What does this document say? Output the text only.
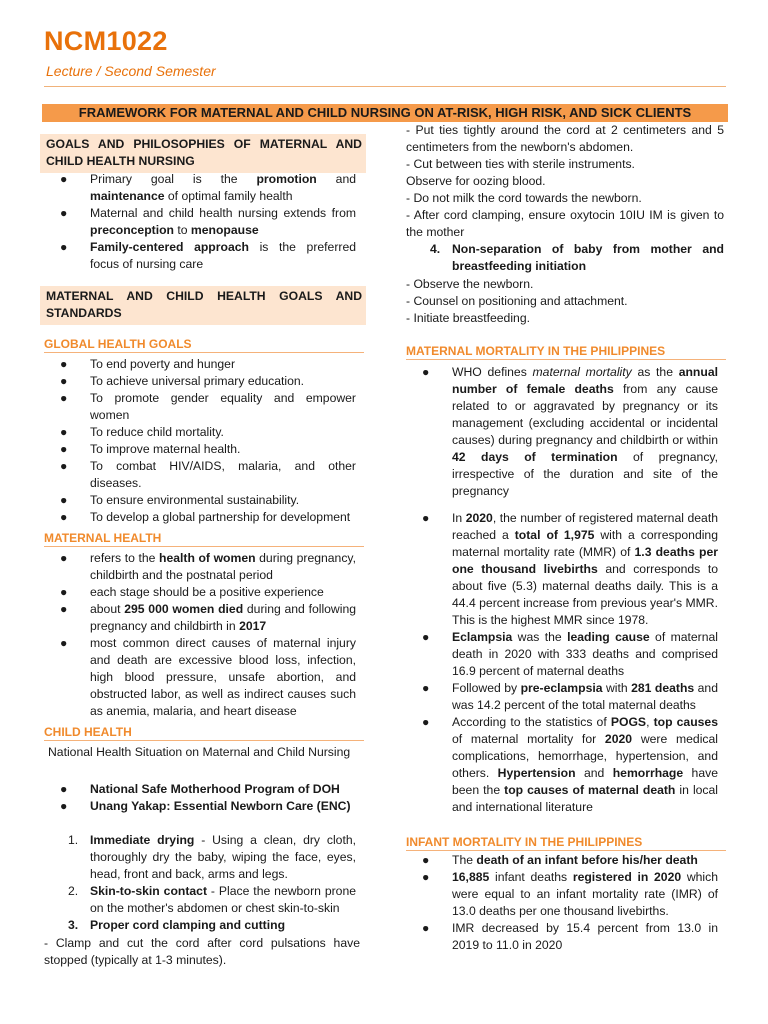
NCM1022
Lecture / Second Semester
FRAMEWORK FOR MATERNAL AND CHILD NURSING ON AT-RISK, HIGH RISK, AND SICK CLIENTS
GOALS AND PHILOSOPHIES OF MATERNAL AND CHILD HEALTH NURSING
● Primary goal is the promotion and maintenance of optimal family health
● Maternal and child health nursing extends from preconception to menopause
● Family-centered approach is the preferred focus of nursing care
MATERNAL AND CHILD HEALTH GOALS AND STANDARDS
GLOBAL HEALTH GOALS
● To end poverty and hunger
● To achieve universal primary education.
● To promote gender equality and empower women
● To reduce child mortality.
● To improve maternal health.
● To combat HIV/AIDS, malaria, and other diseases.
● To ensure environmental sustainability.
● To develop a global partnership for development
MATERNAL HEALTH
● refers to the health of women during pregnancy, childbirth and the postnatal period
● each stage should be a positive experience
● about 295 000 women died during and following pregnancy and childbirth in 2017
● most common direct causes of maternal injury and death are excessive blood loss, infection, high blood pressure, unsafe abortion, and obstructed labor, as well as indirect causes such as anemia, malaria, and heart disease
CHILD HEALTH

National Health Situation on Maternal and Child Nursing

● National Safe Motherhood Program of DOH
● Unang Yakap: Essential Newborn Care (ENC)
1. Immediate drying - Using a clean, dry cloth, thoroughly dry the baby, wiping the face, eyes, head, front and back, arms and legs.
2. Skin-to-skin contact - Place the newborn prone on the mother's abdomen or chest skin-to-skin
3. Proper cord clamping and cutting

- Clamp and cut the cord after cord pulsations have stopped (typically at 1-3 minutes).

- Put ties tightly around the cord at 2 centimeters and 5 centimeters from the newborn's abdomen.

- Cut between ties with sterile instruments.

Observe for oozing blood.

- Do not milk the cord towards the newborn.

- After cord clamping, ensure oxytocin 10IU IM is given to the mother

4. Non-separation of baby from mother and breastfeeding initiation

- Observe the newborn.

- Counsel on positioning and attachment.

- Initiate breastfeeding.

MATERNAL MORTALITY IN THE PHILIPPINES
● WHO defines maternal mortality as the annual number of female deaths from any cause related to or aggravated by pregnancy or its management (excluding accidental or incidental causes) during pregnancy and childbirth or within 42 days of termination of pregnancy, irrespective of the duration and site of the pregnancy
● In 2020, the number of registered maternal death reached a total of 1,975 with a corresponding maternal mortality rate (MMR) of 1.3 deaths per one thousand livebirths and corresponds to about five (5.3) maternal deaths daily. This is a 44.4 percent increase from previous year's MMR. This is the highest MMR since 1978.
● Eclampsia was the leading cause of maternal death in 2020 with 333 deaths and comprised 16.9 percent of maternal deaths
● Followed by pre-eclampsia with 281 deaths and was 14.2 percent of the total maternal deaths
● According to the statistics of POGS, top causes of maternal mortality for 2020 were medical complications, hemorrhage, hypertension, and others. Hypertension and hemorrhage have been the top causes of maternal death in local and international literature
INFANT MORTALITY IN THE PHILIPPINES
● The death of an infant before his/her death
● 16,885 infant deaths registered in 2020 which were equal to an infant mortality rate (IMR) of 13.0 deaths per one thousand livebirths.
● IMR decreased by 15.4 percent from 13.0 in 2019 to 11.0 in 2020
